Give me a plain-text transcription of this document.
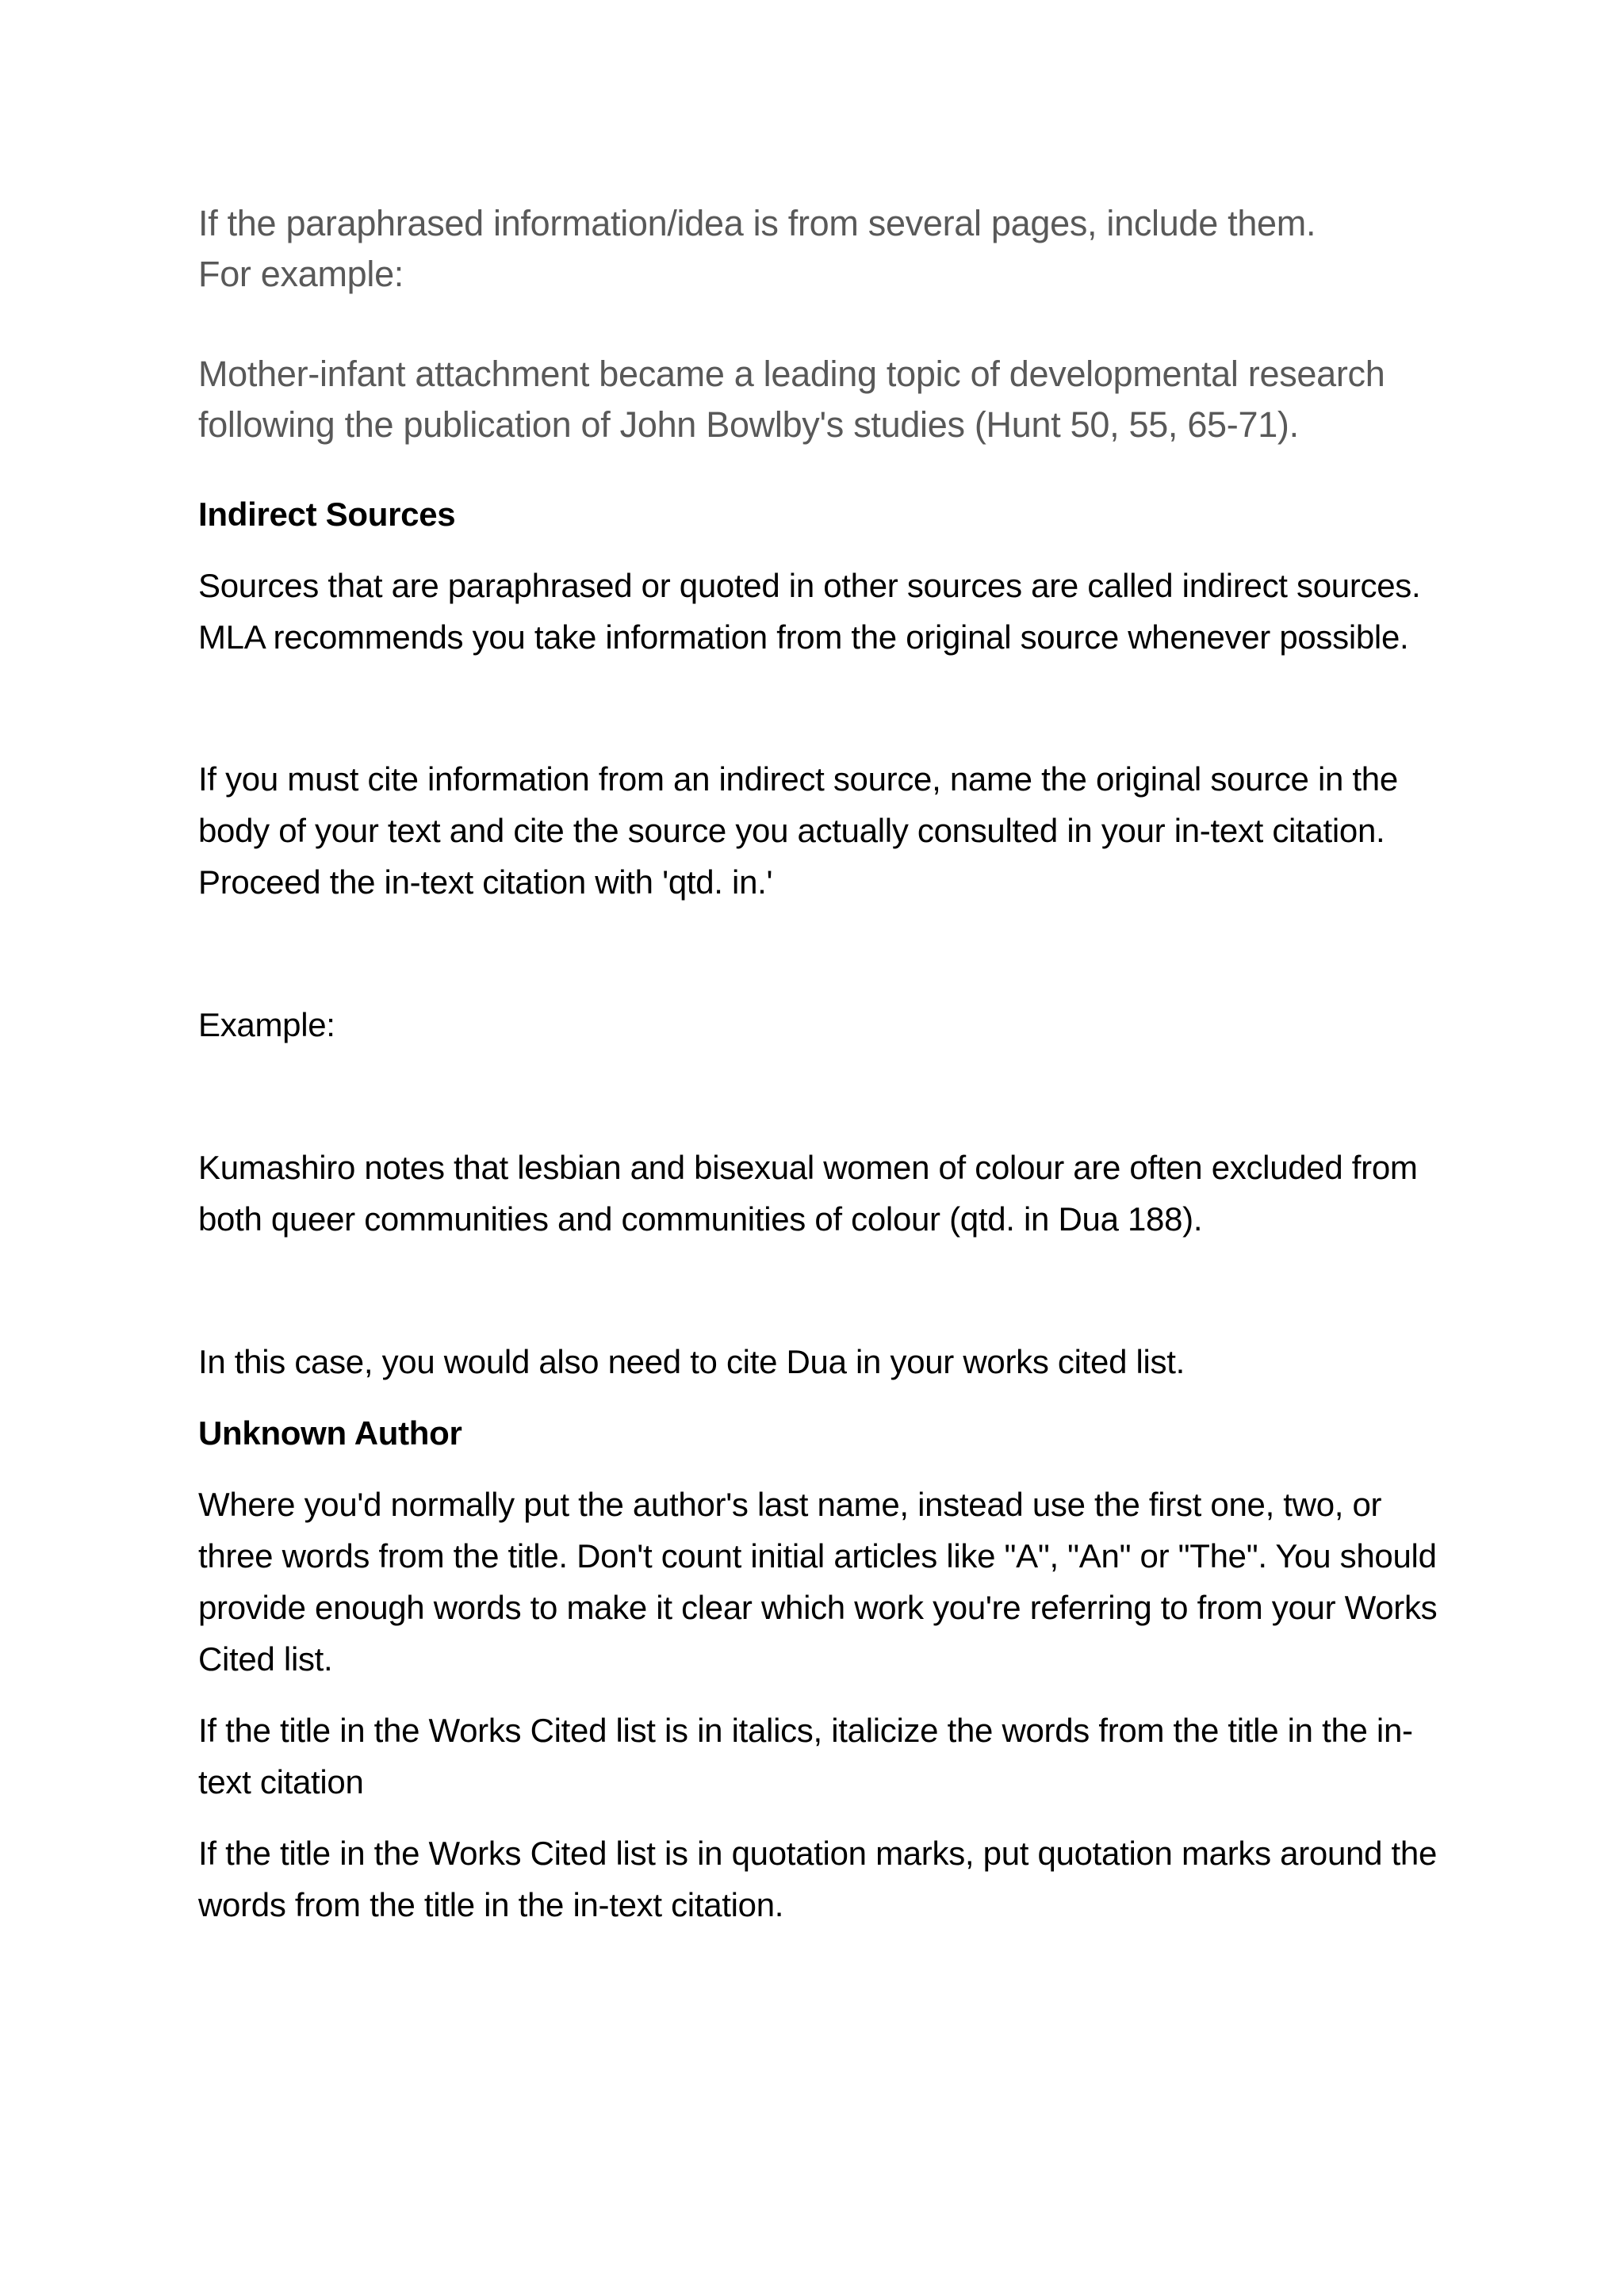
If the paraphrased information/idea is from several pages, include them.
For example:

Mother-infant attachment became a leading topic of developmental research following the publication of John Bowlby's studies (Hunt 50, 55, 65-71).

Indirect Sources

Sources that are paraphrased or quoted in other sources are called indirect sources. MLA recommends you take information from the original source whenever possible.

If you must cite information from an indirect source, name the original source in the body of your text and cite the source you actually consulted in your in-text citation. Proceed the in-text citation with 'qtd. in.'

Example:

Kumashiro notes that lesbian and bisexual women of colour are often excluded from both queer communities and communities of colour (qtd. in Dua 188).

In this case, you would also need to cite Dua in your works cited list.

Unknown Author

Where you'd normally put the author's last name, instead use the first one, two, or three words from the title. Don't count initial articles like "A", "An" or "The". You should provide enough words to make it clear which work you're referring to from your Works Cited list.

If the title in the Works Cited list is in italics, italicize the words from the title in the in-text citation

If the title in the Works Cited list is in quotation marks, put quotation marks around the words from the title in the in-text citation.
